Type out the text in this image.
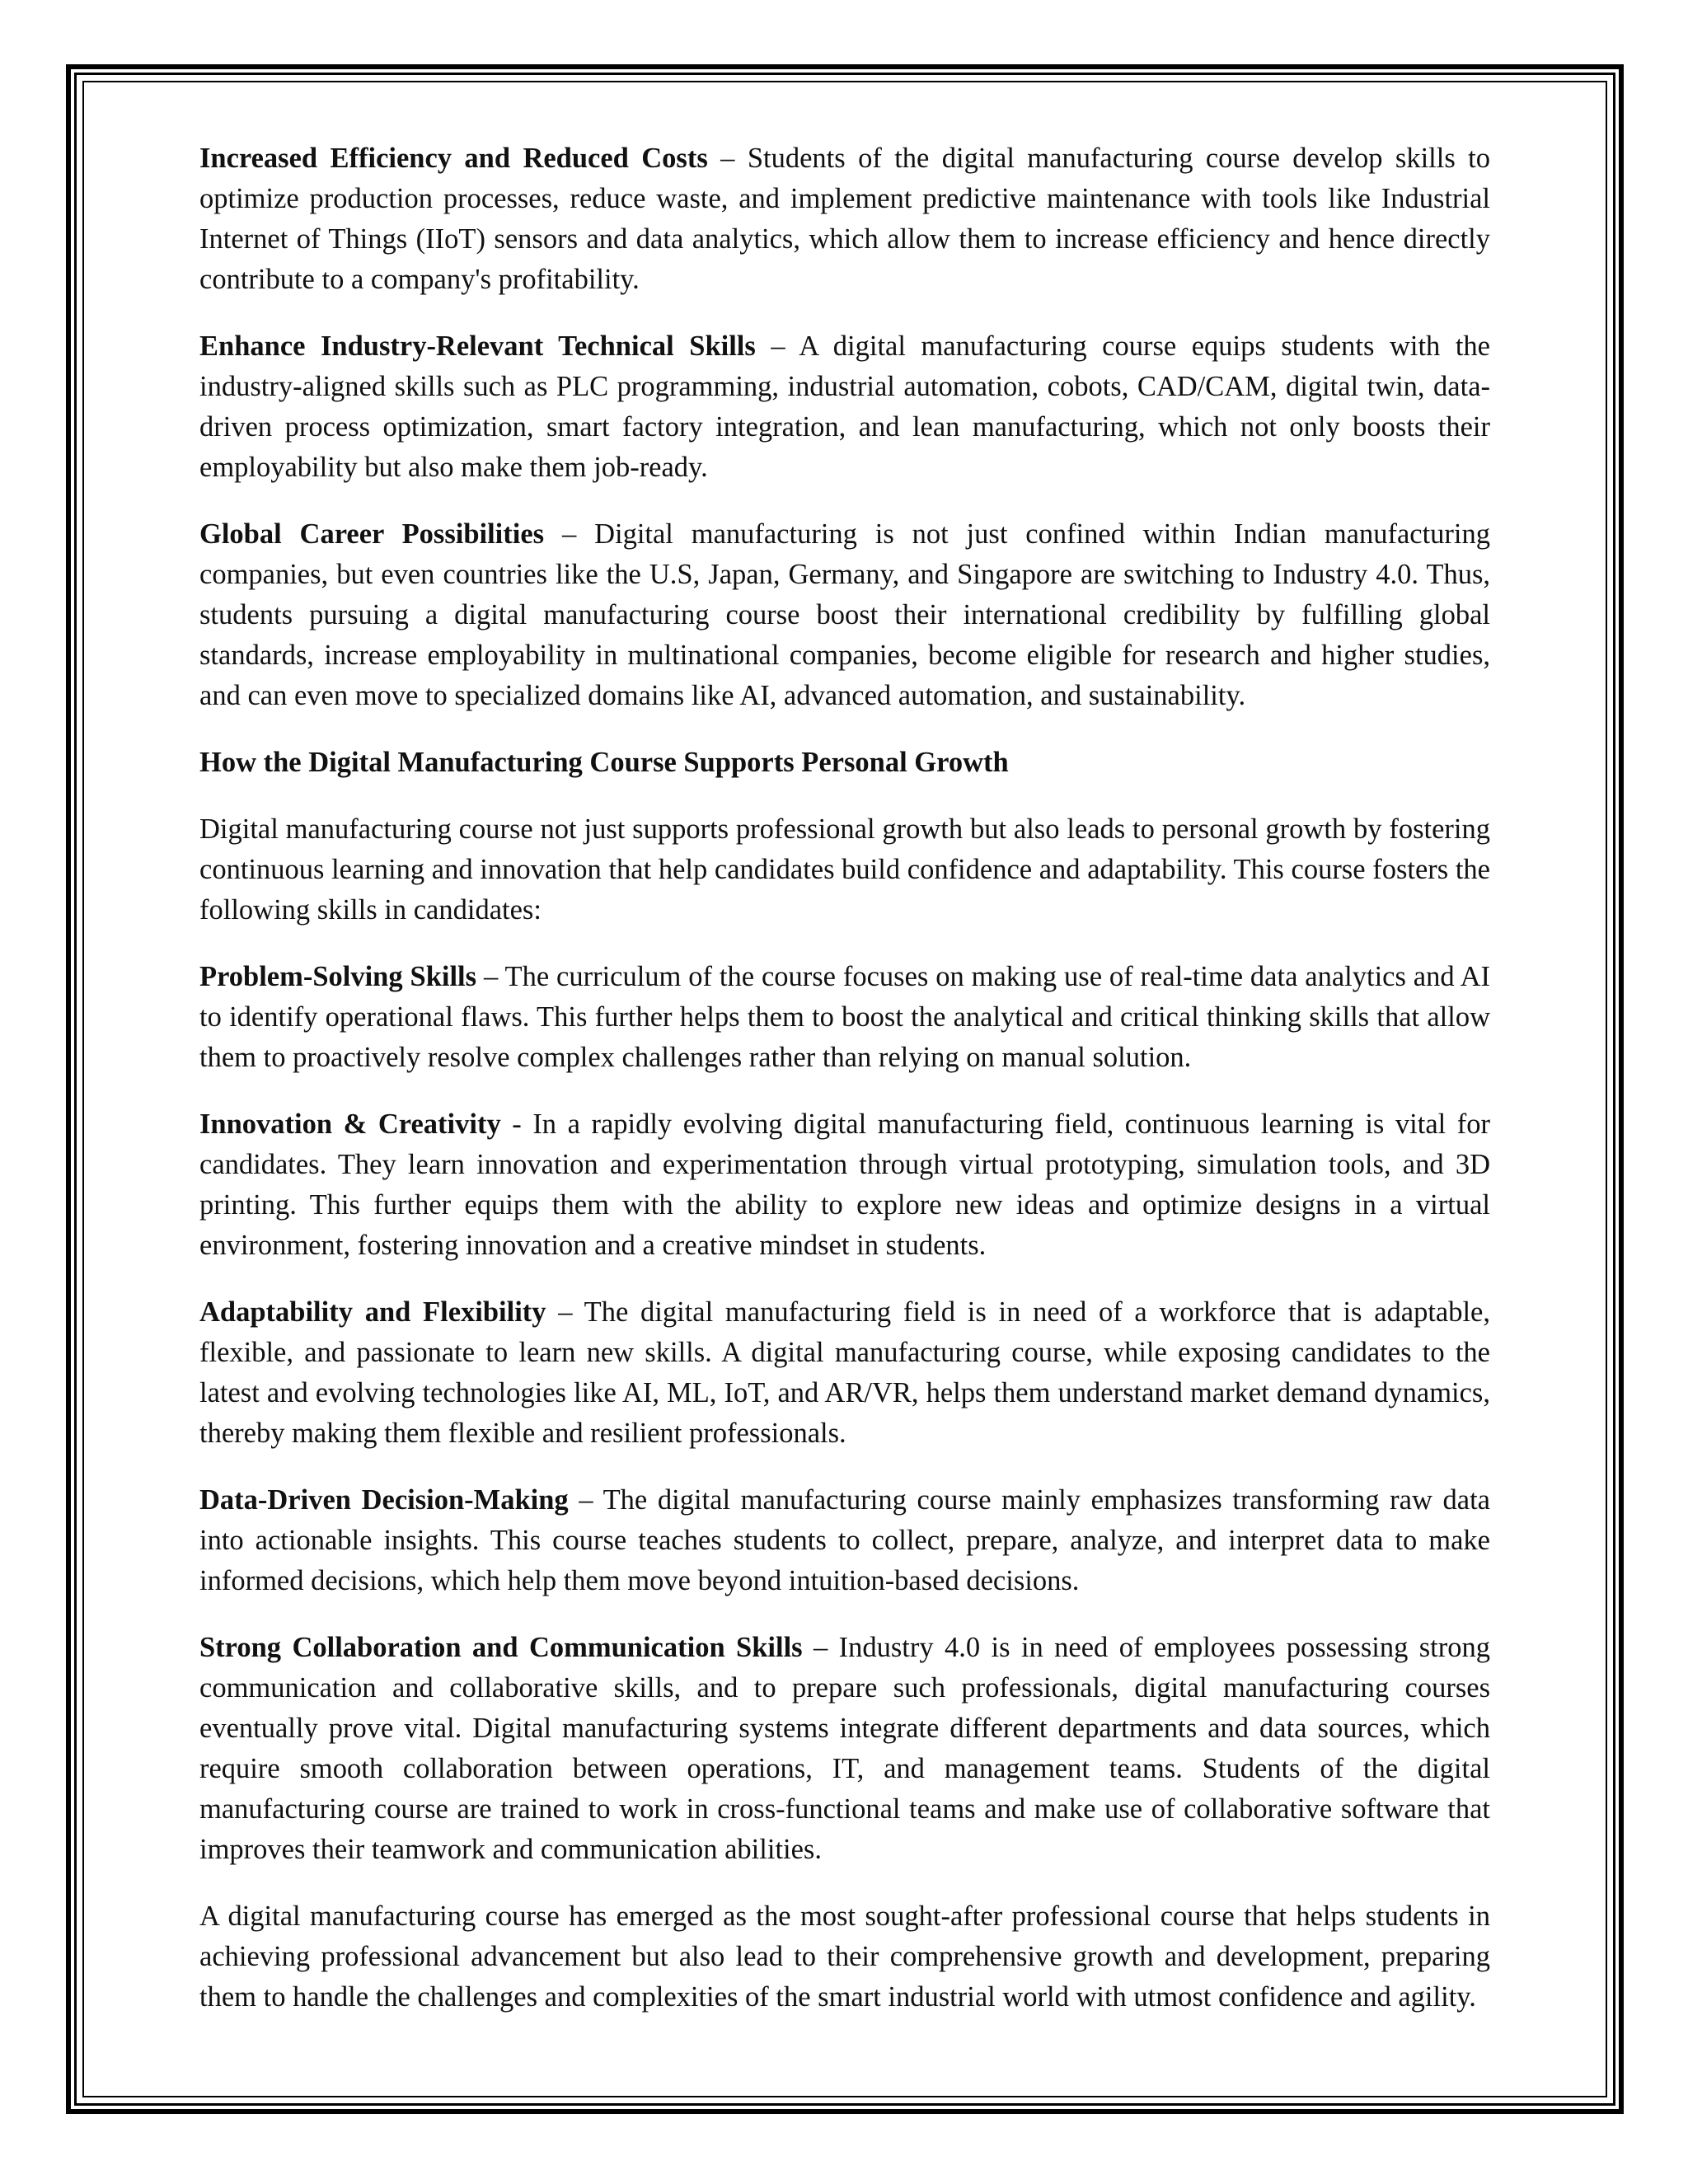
Increased Efficiency and Reduced Costs – Students of the digital manufacturing course develop skills to optimize production processes, reduce waste, and implement predictive maintenance with tools like Industrial Internet of Things (IIoT) sensors and data analytics, which allow them to increase efficiency and hence directly contribute to a company's profitability.

Enhance Industry-Relevant Technical Skills – A digital manufacturing course equips students with the industry-aligned skills such as PLC programming, industrial automation, cobots, CAD/CAM, digital twin, data-driven process optimization, smart factory integration, and lean manufacturing, which not only boosts their employability but also make them job-ready.

Global Career Possibilities – Digital manufacturing is not just confined within Indian manufacturing companies, but even countries like the U.S, Japan, Germany, and Singapore are switching to Industry 4.0. Thus, students pursuing a digital manufacturing course boost their international credibility by fulfilling global standards, increase employability in multinational companies, become eligible for research and higher studies, and can even move to specialized domains like AI, advanced automation, and sustainability.

How the Digital Manufacturing Course Supports Personal Growth

Digital manufacturing course not just supports professional growth but also leads to personal growth by fostering continuous learning and innovation that help candidates build confidence and adaptability. This course fosters the following skills in candidates:

Problem-Solving Skills – The curriculum of the course focuses on making use of real-time data analytics and AI to identify operational flaws. This further helps them to boost the analytical and critical thinking skills that allow them to proactively resolve complex challenges rather than relying on manual solution.

Innovation & Creativity - In a rapidly evolving digital manufacturing field, continuous learning is vital for candidates. They learn innovation and experimentation through virtual prototyping, simulation tools, and 3D printing. This further equips them with the ability to explore new ideas and optimize designs in a virtual environment, fostering innovation and a creative mindset in students.

Adaptability and Flexibility – The digital manufacturing field is in need of a workforce that is adaptable, flexible, and passionate to learn new skills. A digital manufacturing course, while exposing candidates to the latest and evolving technologies like AI, ML, IoT, and AR/VR, helps them understand market demand dynamics, thereby making them flexible and resilient professionals.

Data-Driven Decision-Making – The digital manufacturing course mainly emphasizes transforming raw data into actionable insights. This course teaches students to collect, prepare, analyze, and interpret data to make informed decisions, which help them move beyond intuition-based decisions.

Strong Collaboration and Communication Skills – Industry 4.0 is in need of employees possessing strong communication and collaborative skills, and to prepare such professionals, digital manufacturing courses eventually prove vital. Digital manufacturing systems integrate different departments and data sources, which require smooth collaboration between operations, IT, and management teams. Students of the digital manufacturing course are trained to work in cross-functional teams and make use of collaborative software that improves their teamwork and communication abilities.

A digital manufacturing course has emerged as the most sought-after professional course that helps students in achieving professional advancement but also lead to their comprehensive growth and development, preparing them to handle the challenges and complexities of the smart industrial world with utmost confidence and agility.
